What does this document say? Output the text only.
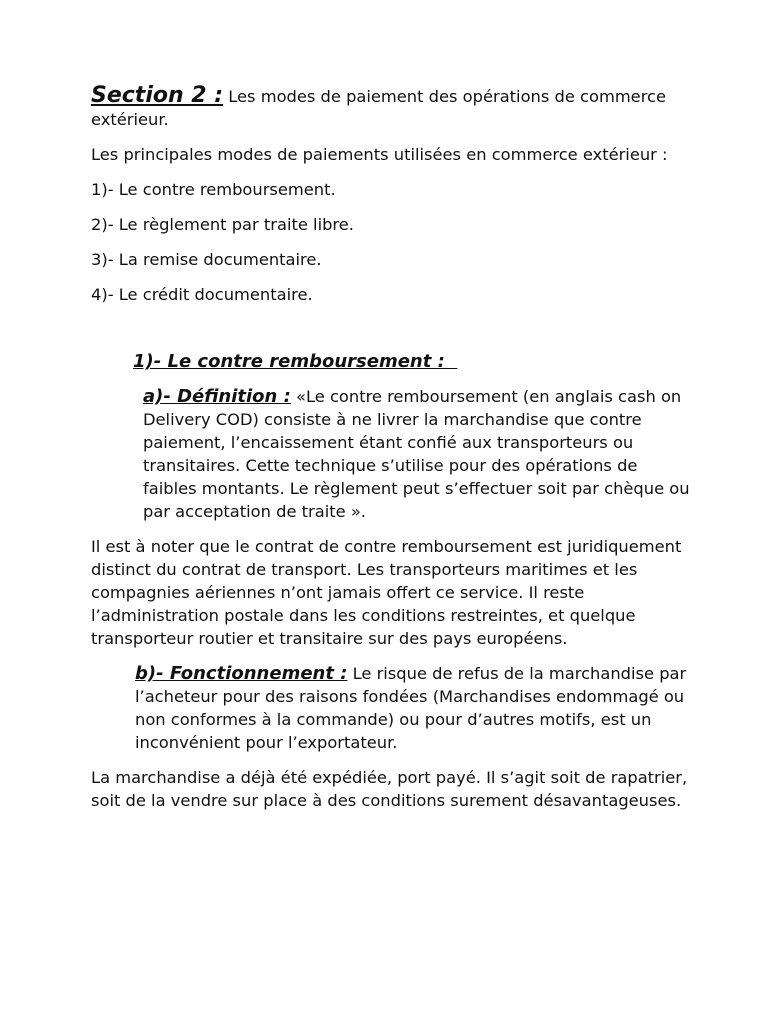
Section 2 : Les modes de paiement des opérations de commerce extérieur.

Les principales modes de paiements utilisées en commerce extérieur :

1)- Le contre remboursement.

2)- Le règlement par traite libre.

3)- La remise documentaire.

4)- Le crédit documentaire.

1)- Le contre remboursement :

a)- Définition : «Le contre remboursement (en anglais cash on Delivery COD) consiste à ne livrer la marchandise que contre paiement, l’encaissement étant confié aux transporteurs ou transitaires. Cette technique s’utilise pour des opérations de faibles montants. Le règlement peut s’effectuer soit par chèque ou par acceptation de traite ».

Il est à noter que le contrat de contre remboursement est juridiquement distinct du contrat de transport. Les transporteurs maritimes et les compagnies aériennes n’ont jamais offert ce service. Il reste l’administration postale dans les conditions restreintes, et quelque transporteur routier et transitaire sur des pays européens.

b)- Fonctionnement : Le risque de refus de la marchandise par l’acheteur pour des raisons fondées (Marchandises endommagé ou non conformes à la commande) ou pour d’autres motifs, est un inconvénient pour l’exportateur.

La marchandise a déjà été expédiée, port payé. Il s’agit soit de rapatrier, soit de la vendre sur place à des conditions surement désavantageuses.
